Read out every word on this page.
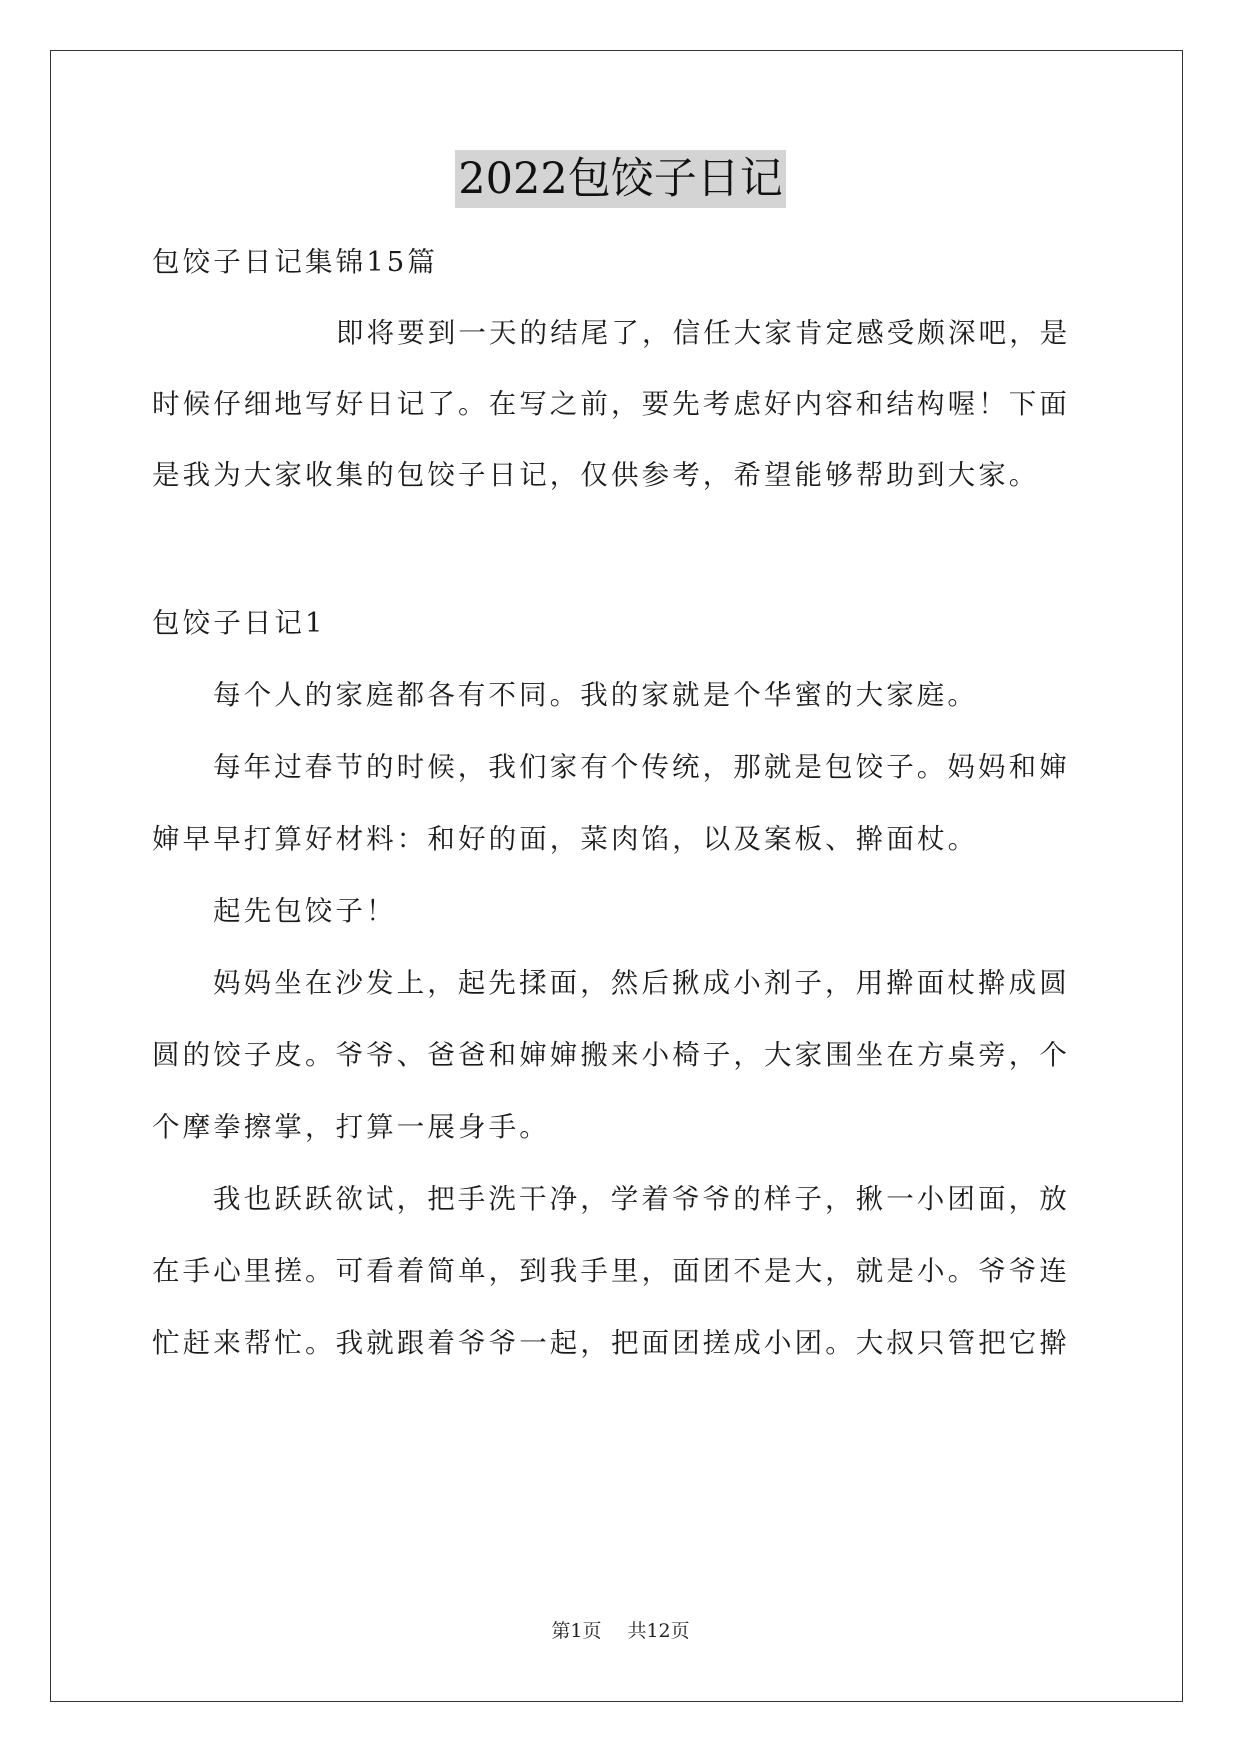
2022包饺子日记

包饺子日记集锦15篇

即将要到一天的结尾了，信任大家肯定感受颇深吧，是

时候仔细地写好日记了。在写之前，要先考虑好内容和结构喔！下面

是我为大家收集的包饺子日记，仅供参考，希望能够帮助到大家。

包饺子日记1

每个人的家庭都各有不同。我的家就是个华蜜的大家庭。

每年过春节的时候，我们家有个传统，那就是包饺子。妈妈和婶

婶早早打算好材料：和好的面，菜肉馅，以及案板、擀面杖。

起先包饺子！

妈妈坐在沙发上，起先揉面，然后揪成小剂子，用擀面杖擀成圆

圆的饺子皮。爷爷、爸爸和婶婶搬来小椅子，大家围坐在方桌旁，个

个摩拳擦掌，打算一展身手。

我也跃跃欲试，把手洗干净，学着爷爷的样子，揪一小团面，放

在手心里搓。可看着简单，到我手里，面团不是大，就是小。爷爷连

忙赶来帮忙。我就跟着爷爷一起，把面团搓成小团。大叔只管把它擀

第1页 共12页
